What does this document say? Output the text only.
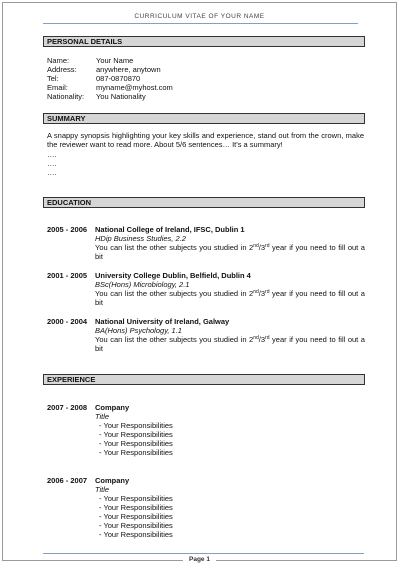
CURRICULUM VITAE OF YOUR NAME
PERSONAL DETAILS
Name:	Your Name
Address:	anywhere, anytown
Tel:	087-0870870
Email:	myname@myhost.com
Nationality: You Nationality
SUMMARY
A snappy synopsis highlighting your key skills and experience, stand out from the crown, make the reviewer want to read more. About 5/6 sentences… It's a summary!
….
….
….
EDUCATION
2005 - 2006 National College of Ireland, IFSC, Dublin 1
HDip Business Studies, 2.2
You can list the other subjects you studied in 2nd/3rd year if you need to fill out a bit
2001 - 2005 University College Dublin, Belfield, Dublin 4
BSc(Hons) Microbiology, 2.1
You can list the other subjects you studied in 2nd/3rd year if you need to fill out a bit
2000 - 2004 National University of Ireland, Galway
BA(Hons) Psychology, 1.1
You can list the other subjects you studied in 2nd/3rd year if you need to fill out a bit
EXPERIENCE
2007 - 2008 Company
Title
- Your Responsibilities
- Your Responsibilities
- Your Responsibilities
- Your Responsibilities
2006 - 2007 Company
Title
- Your Responsibilities
- Your Responsibilities
- Your Responsibilities
- Your Responsibilities
- Your Responsibilities
Page 1
